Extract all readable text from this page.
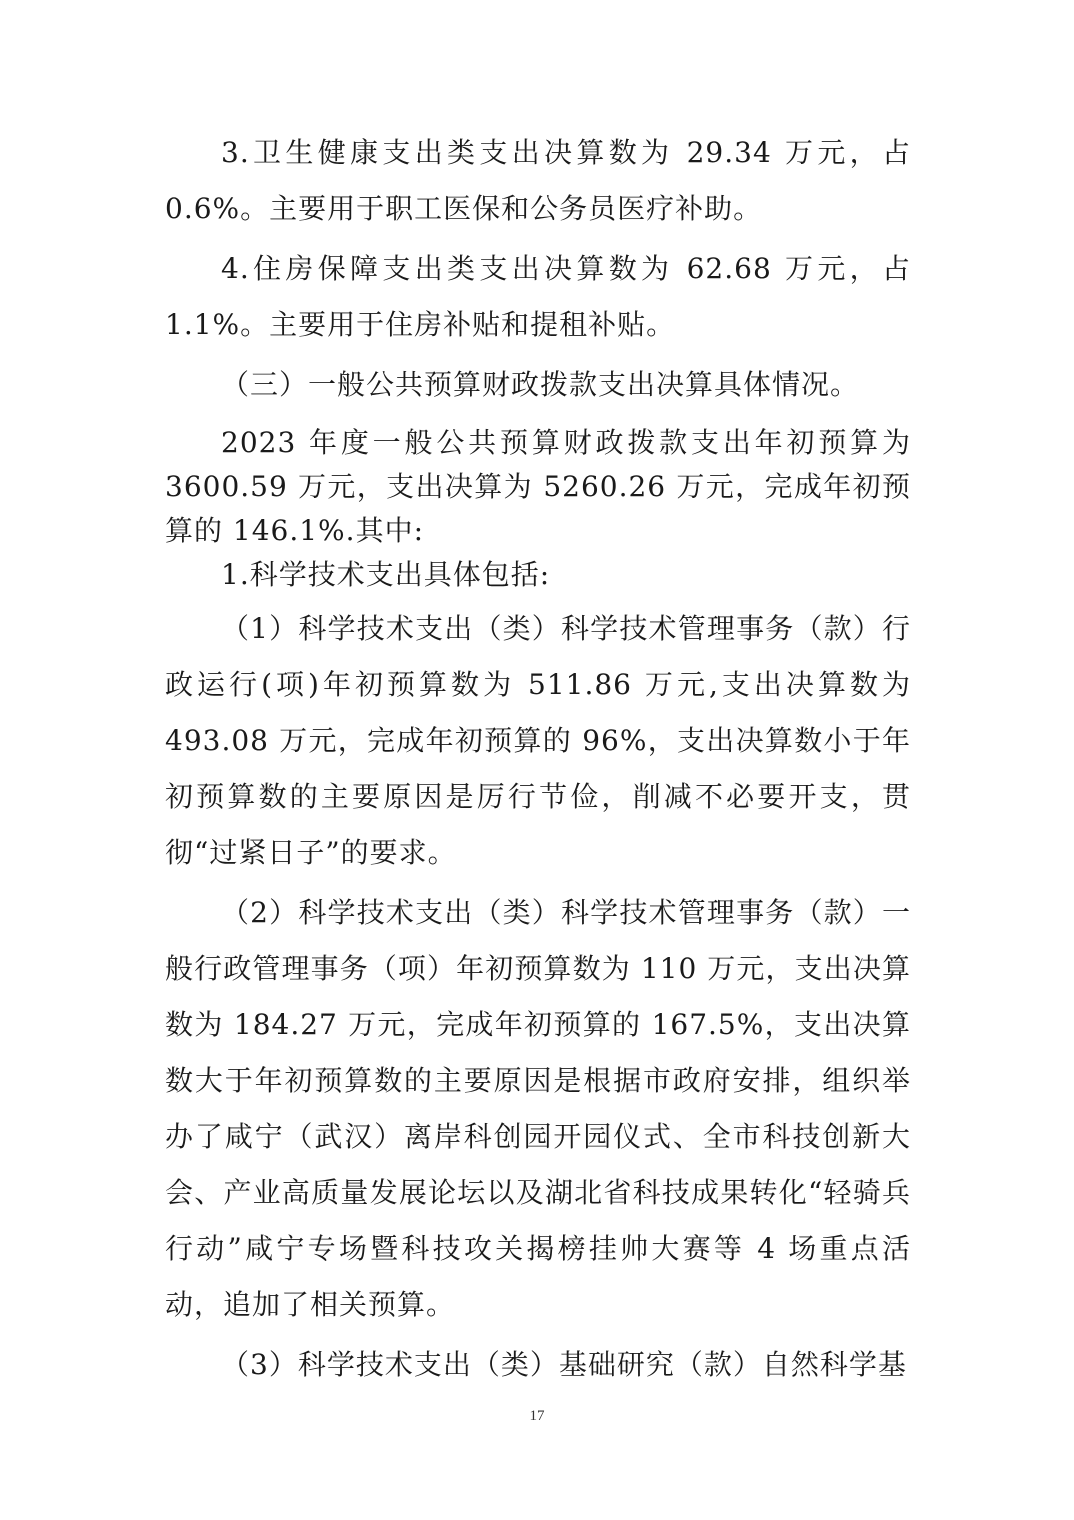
3.卫生健康支出类支出决算数为 29.34 万元，占 0.6%。主要用于职工医保和公务员医疗补助。

4.住房保障支出类支出决算数为 62.68 万元，占 1.1%。主要用于住房补贴和提租补贴。

（三）一般公共预算财政拨款支出决算具体情况。

2023 年度一般公共预算财政拨款支出年初预算为 3600.59 万元，支出决算为 5260.26 万元，完成年初预算的 146.1%.其中:

1.科学技术支出具体包括:

（1）科学技术支出（类）科学技术管理事务（款）行政运行(项)年初预算数为 511.86 万元,支出决算数为 493.08 万元，完成年初预算的 96%，支出决算数小于年初预算数的主要原因是厉行节俭，削减不必要开支，贯彻“过紧日子”的要求。

（2）科学技术支出（类）科学技术管理事务（款）一般行政管理事务（项）年初预算数为 110 万元，支出决算数为 184.27 万元，完成年初预算的 167.5%，支出决算数大于年初预算数的主要原因是根据市政府安排，组织举办了咸宁（武汉）离岸科创园开园仪式、全市科技创新大会、产业高质量发展论坛以及湖北省科技成果转化“轻骑兵行动”咸宁专场暨科技攻关揭榜挂帅大赛等 4 场重点活动，追加了相关预算。

（3）科学技术支出（类）基础研究（款）自然科学基

17
